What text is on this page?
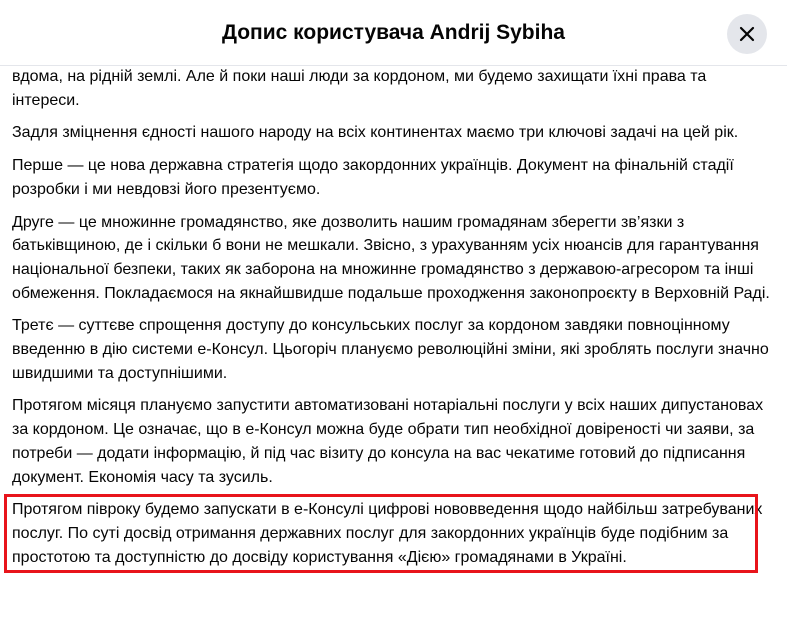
Допис користувача Andrij Sybiha

вдома, на рідній землі. Але й поки наші люди за кордоном, ми будемо захищати їхні права та інтереси.

Задля зміцнення єдності нашого народу на всіх континентах маємо три ключові задачі на цей рік.

Перше — це нова державна стратегія щодо закордонних українців. Документ на фінальній стадії розробки і ми невдовзі його презентуємо.

Друге — це множинне громадянство, яке дозволить нашим громадянам зберегти зв’язки з батьківщиною, де і скільки б вони не мешкали. Звісно, з урахуванням усіх нюансів для гарантування національної безпеки, таких як заборона на множинне громадянство з державою-агресором та інші обмеження. Покладаємося на якнайшвидше подальше проходження законопроєкту в Верховній Раді.

Третє — суттєве спрощення доступу до консульських послуг за кордоном завдяки повноцінному введенню в дію системи е-Консул. Цьогоріч плануємо революційні зміни, які зроблять послуги значно швидшими та доступнішими.

Протягом місяця плануємо запустити автоматизовані нотаріальні послуги у всіх наших дипустановах за кордоном. Це означає, що в е-Консул можна буде обрати тип необхідної довіреності чи заяви, за потреби — додати інформацію, й під час візиту до консула на вас чекатиме готовий до підписання документ. Економія часу та зусиль.

Протягом півроку будемо запускати в е-Консулі цифрові нововведення щодо найбільш затребуваних послуг. По суті досвід отримання державних послуг для закордонних українців буде подібним за простотою та доступністю до досвіду користування «Дією» громадянами в Україні.
